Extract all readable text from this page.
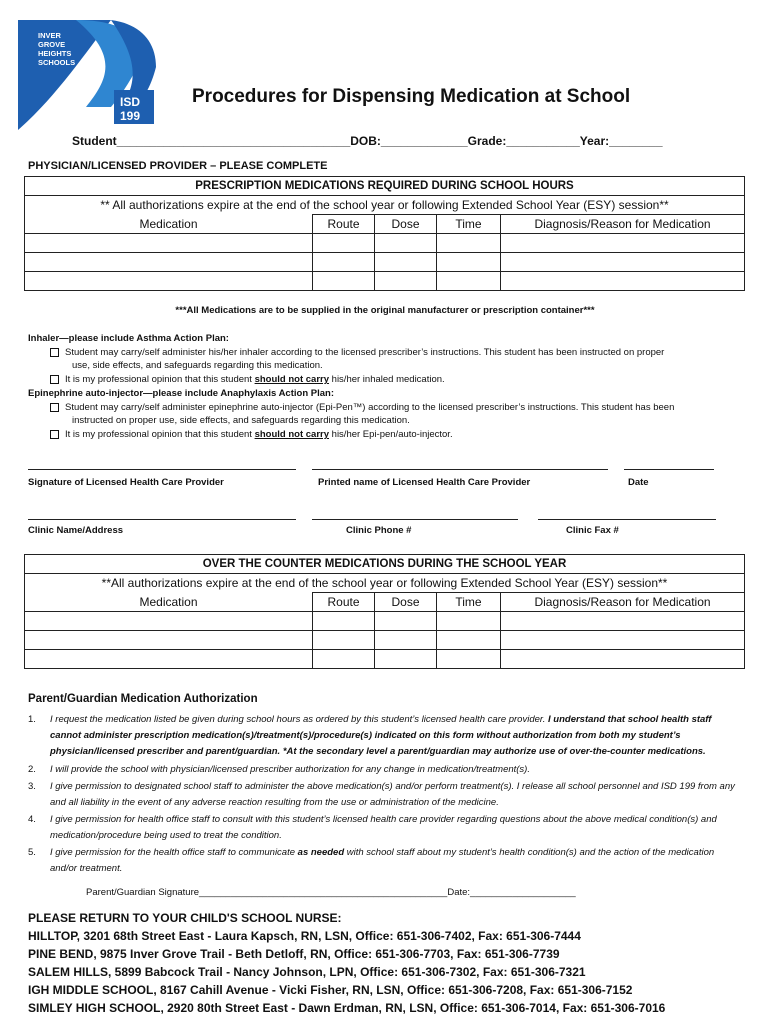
INVER
GROVE
HEIGHTS
SCHOOLS
ISD
199
Procedures for Dispensing Medication at School
Student___________________________________DOB:_____________Grade:___________Year:________
PHYSICIAN/LICENSED PROVIDER – PLEASE COMPLETE
PRESCRIPTION MEDICATIONS REQUIRED DURING SCHOOL HOURS				
** All authorizations expire at the end of the school year or following Extended School Year (ESY) session**				
Medication	Route	Dose	Time	Diagnosis/Reason for Medication

***All Medications are to be supplied in the original manufacturer or prescription container***
Inhaler—please include Asthma Action Plan:
Student may carry/self administer his/her inhaler according to the licensed prescriber’s instructions. This student has been instructed on proper
use, side effects, and safeguards regarding this medication.
It is my professional opinion that this student should not carry his/her inhaled medication.
Epinephrine auto-injector—please include Anaphylaxis Action Plan:
Student may carry/self administer epinephrine auto-injector (Epi-Pen™) according to the licensed prescriber’s instructions. This student has been
instructed on proper use, side effects, and safeguards regarding this medication.
It is my professional opinion that this student should not carry his/her Epi-pen/auto-injector.
Signature of Licensed Health Care Provider	Printed name of Licensed Health Care Provider	Date
Clinic Name/Address	Clinic Phone #	Clinic Fax #
OVER THE COUNTER MEDICATIONS DURING THE SCHOOL YEAR				
**All authorizations expire at the end of the school year or following Extended School Year (ESY) session**				
Medication	Route	Dose	Time	Diagnosis/Reason for Medication

Parent/Guardian Medication Authorization
1. I request the medication listed be given during school hours as ordered by this student’s licensed health care provider. I understand that school health staff cannot administer prescription medication(s)/treatment(s)/procedure(s) indicated on this form without authorization from both my student’s physician/licensed prescriber and parent/guardian. *At the secondary level a parent/guardian may authorize use of over-the-counter medications.
2. I will provide the school with physician/licensed prescriber authorization for any change in medication/treatment(s).
3. I give permission to designated school staff to administer the above medication(s) and/or perform treatment(s). I release all school personnel and ISD 199 from any and all liability in the event of any adverse reaction resulting from the use or administration of the medicine.
4. I give permission for health office staff to consult with this student’s licensed health care provider regarding questions about the above medical condition(s) and medication/procedure being used to treat the condition.
5. I give permission for the health office staff to communicate as needed with school staff about my student’s health condition(s) and the action of the medication and/or treatment.
Parent/Guardian Signature_______________________________________________Date:____________________
PLEASE RETURN TO YOUR CHILD'S SCHOOL NURSE:
HILLTOP, 3201 68th Street East - Laura Kapsch, RN, LSN, Office: 651-306-7402, Fax: 651-306-7444
PINE BEND, 9875 Inver Grove Trail - Beth Detloff, RN, Office: 651-306-7703, Fax: 651-306-7739
SALEM HILLS, 5899 Babcock Trail - Nancy Johnson, LPN, Office: 651-306-7302, Fax: 651-306-7321
IGH MIDDLE SCHOOL, 8167 Cahill Avenue - Vicki Fisher, RN, LSN, Office: 651-306-7208, Fax: 651-306-7152
SIMLEY HIGH SCHOOL, 2920 80th Street East - Dawn Erdman, RN, LSN, Office: 651-306-7014, Fax: 651-306-7016
